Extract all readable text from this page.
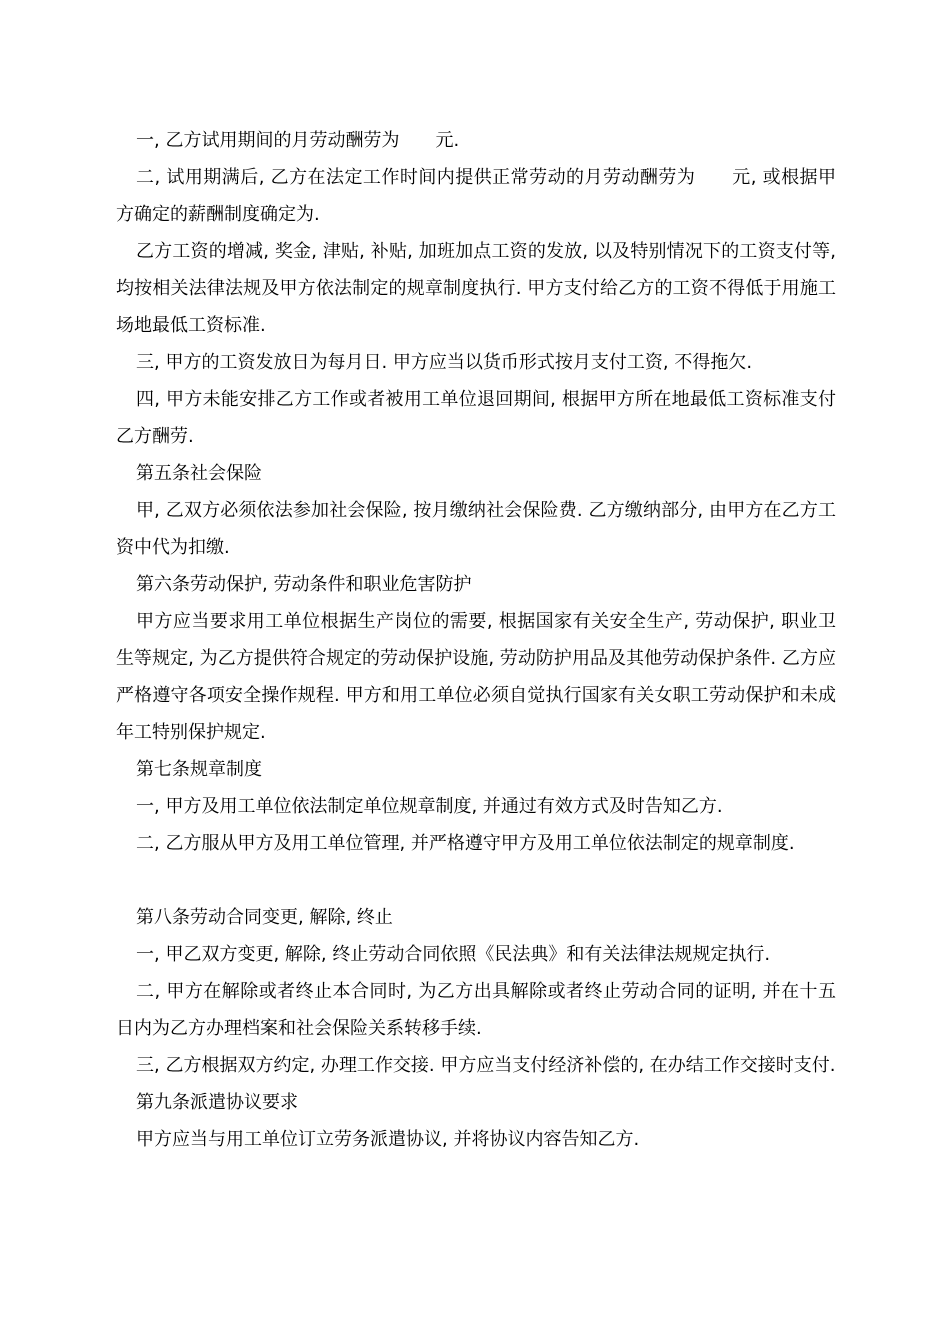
一, 乙方试用期间的月劳动酬劳为　　元.

二, 试用期满后, 乙方在法定工作时间内提供正常劳动的月劳动酬劳为　　元, 或根据甲方确定的薪酬制度确定为.

乙方工资的增减, 奖金, 津贴, 补贴, 加班加点工资的发放, 以及特别情况下的工资支付等, 均按相关法律法规及甲方依法制定的规章制度执行. 甲方支付给乙方的工资不得低于用施工场地最低工资标准.

三, 甲方的工资发放日为每月日. 甲方应当以货币形式按月支付工资, 不得拖欠.

四, 甲方未能安排乙方工作或者被用工单位退回期间, 根据甲方所在地最低工资标准支付乙方酬劳.

第五条社会保险

甲, 乙双方必须依法参加社会保险, 按月缴纳社会保险费. 乙方缴纳部分, 由甲方在乙方工资中代为扣缴.

第六条劳动保护, 劳动条件和职业危害防护

甲方应当要求用工单位根据生产岗位的需要, 根据国家有关安全生产, 劳动保护, 职业卫生等规定, 为乙方提供符合规定的劳动保护设施, 劳动防护用品及其他劳动保护条件. 乙方应严格遵守各项安全操作规程. 甲方和用工单位必须自觉执行国家有关女职工劳动保护和未成年工特别保护规定.

第七条规章制度

一, 甲方及用工单位依法制定单位规章制度, 并通过有效方式及时告知乙方.

二, 乙方服从甲方及用工单位管理, 并严格遵守甲方及用工单位依法制定的规章制度.

第八条劳动合同变更, 解除, 终止

一, 甲乙双方变更, 解除, 终止劳动合同依照《民法典》和有关法律法规规定执行.

二, 甲方在解除或者终止本合同时, 为乙方出具解除或者终止劳动合同的证明, 并在十五日内为乙方办理档案和社会保险关系转移手续.

三, 乙方根据双方约定, 办理工作交接. 甲方应当支付经济补偿的, 在办结工作交接时支付.

第九条派遣协议要求

甲方应当与用工单位订立劳务派遣协议, 并将协议内容告知乙方.
